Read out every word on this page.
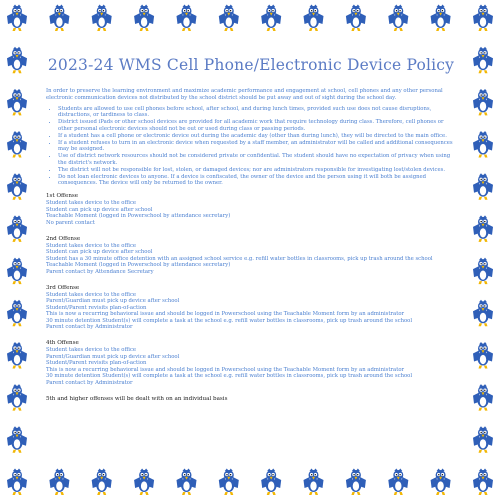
2023-24 WMS Cell Phone/Electronic Device Policy

In order to preserve the learning environment and maximize academic performance and engagement at school, cell phones and any other personal electronic communication devices not distributed by the school district should be put away and out of sight during the school day.

• Students are allowed to use cell phones before school, after school, and during lunch times, provided such use does not cause disruptions, distractions, or tardiness to class.
• District issued iPads or other school devices are provided for all academic work that require technology during class. Therefore, cell phones or other personal electronic devices should not be out or used during class or passing periods.
• If a student has a cell phone or electronic device out during the academic day (other than during lunch), they will be directed to the main office.
• If a student refuses to turn in an electronic device when requested by a staff member, an administrator will be called and additional consequences may be assigned.
• Use of district network resources should not be considered private or confidential. The student should have no expectation of privacy when using the district's network.
• The district will not be responsible for lost, stolen, or damaged devices; nor are administrators responsible for investigating lost/stolen devices.
• Do not loan electronic devices to anyone. If a device is confiscated, the owner of the device and the person using it will both be assigned consequences. The device will only be returned to the owner.

1st Offense

Student takes device to the office

Student can pick up device after school

Teachable Moment (logged in Powerschool by attendance secretary)

No parent contact

2nd Offense

Student takes device to the office

Student can pick up device after school

Student has a 30 minute office detention with an assigned school service e.g. refill water bottles in classrooms, pick up trash around the school

Teachable Moment (logged in Powerschool by attendance secretary)

Parent contact by Attendance Secretary

3rd Offense

Student takes device to the office

Parent/Guardian must pick up device after school

Student/Parent revisits plan-of-action

This is now a recurring behavioral issue and should be logged in Powerschool using the Teachable Moment form by an administrator

30 minute detention Student(s) will complete a task at the school e.g. refill water bottles in classrooms, pick up trash around the school

Parent contact by Administrator

4th Offense

Student takes device to the office

Parent/Guardian must pick up device after school

Student/Parent revisits plan-of-action

This is now a recurring behavioral issue and should be logged in Powerschool using the Teachable Moment form by an administrator

30 minute detention Student(s) will complete a task at the school e.g. refill water bottles in classrooms, pick up trash around the school

Parent contact by Administrator

5th and higher offenses will be dealt with on an individual basis
